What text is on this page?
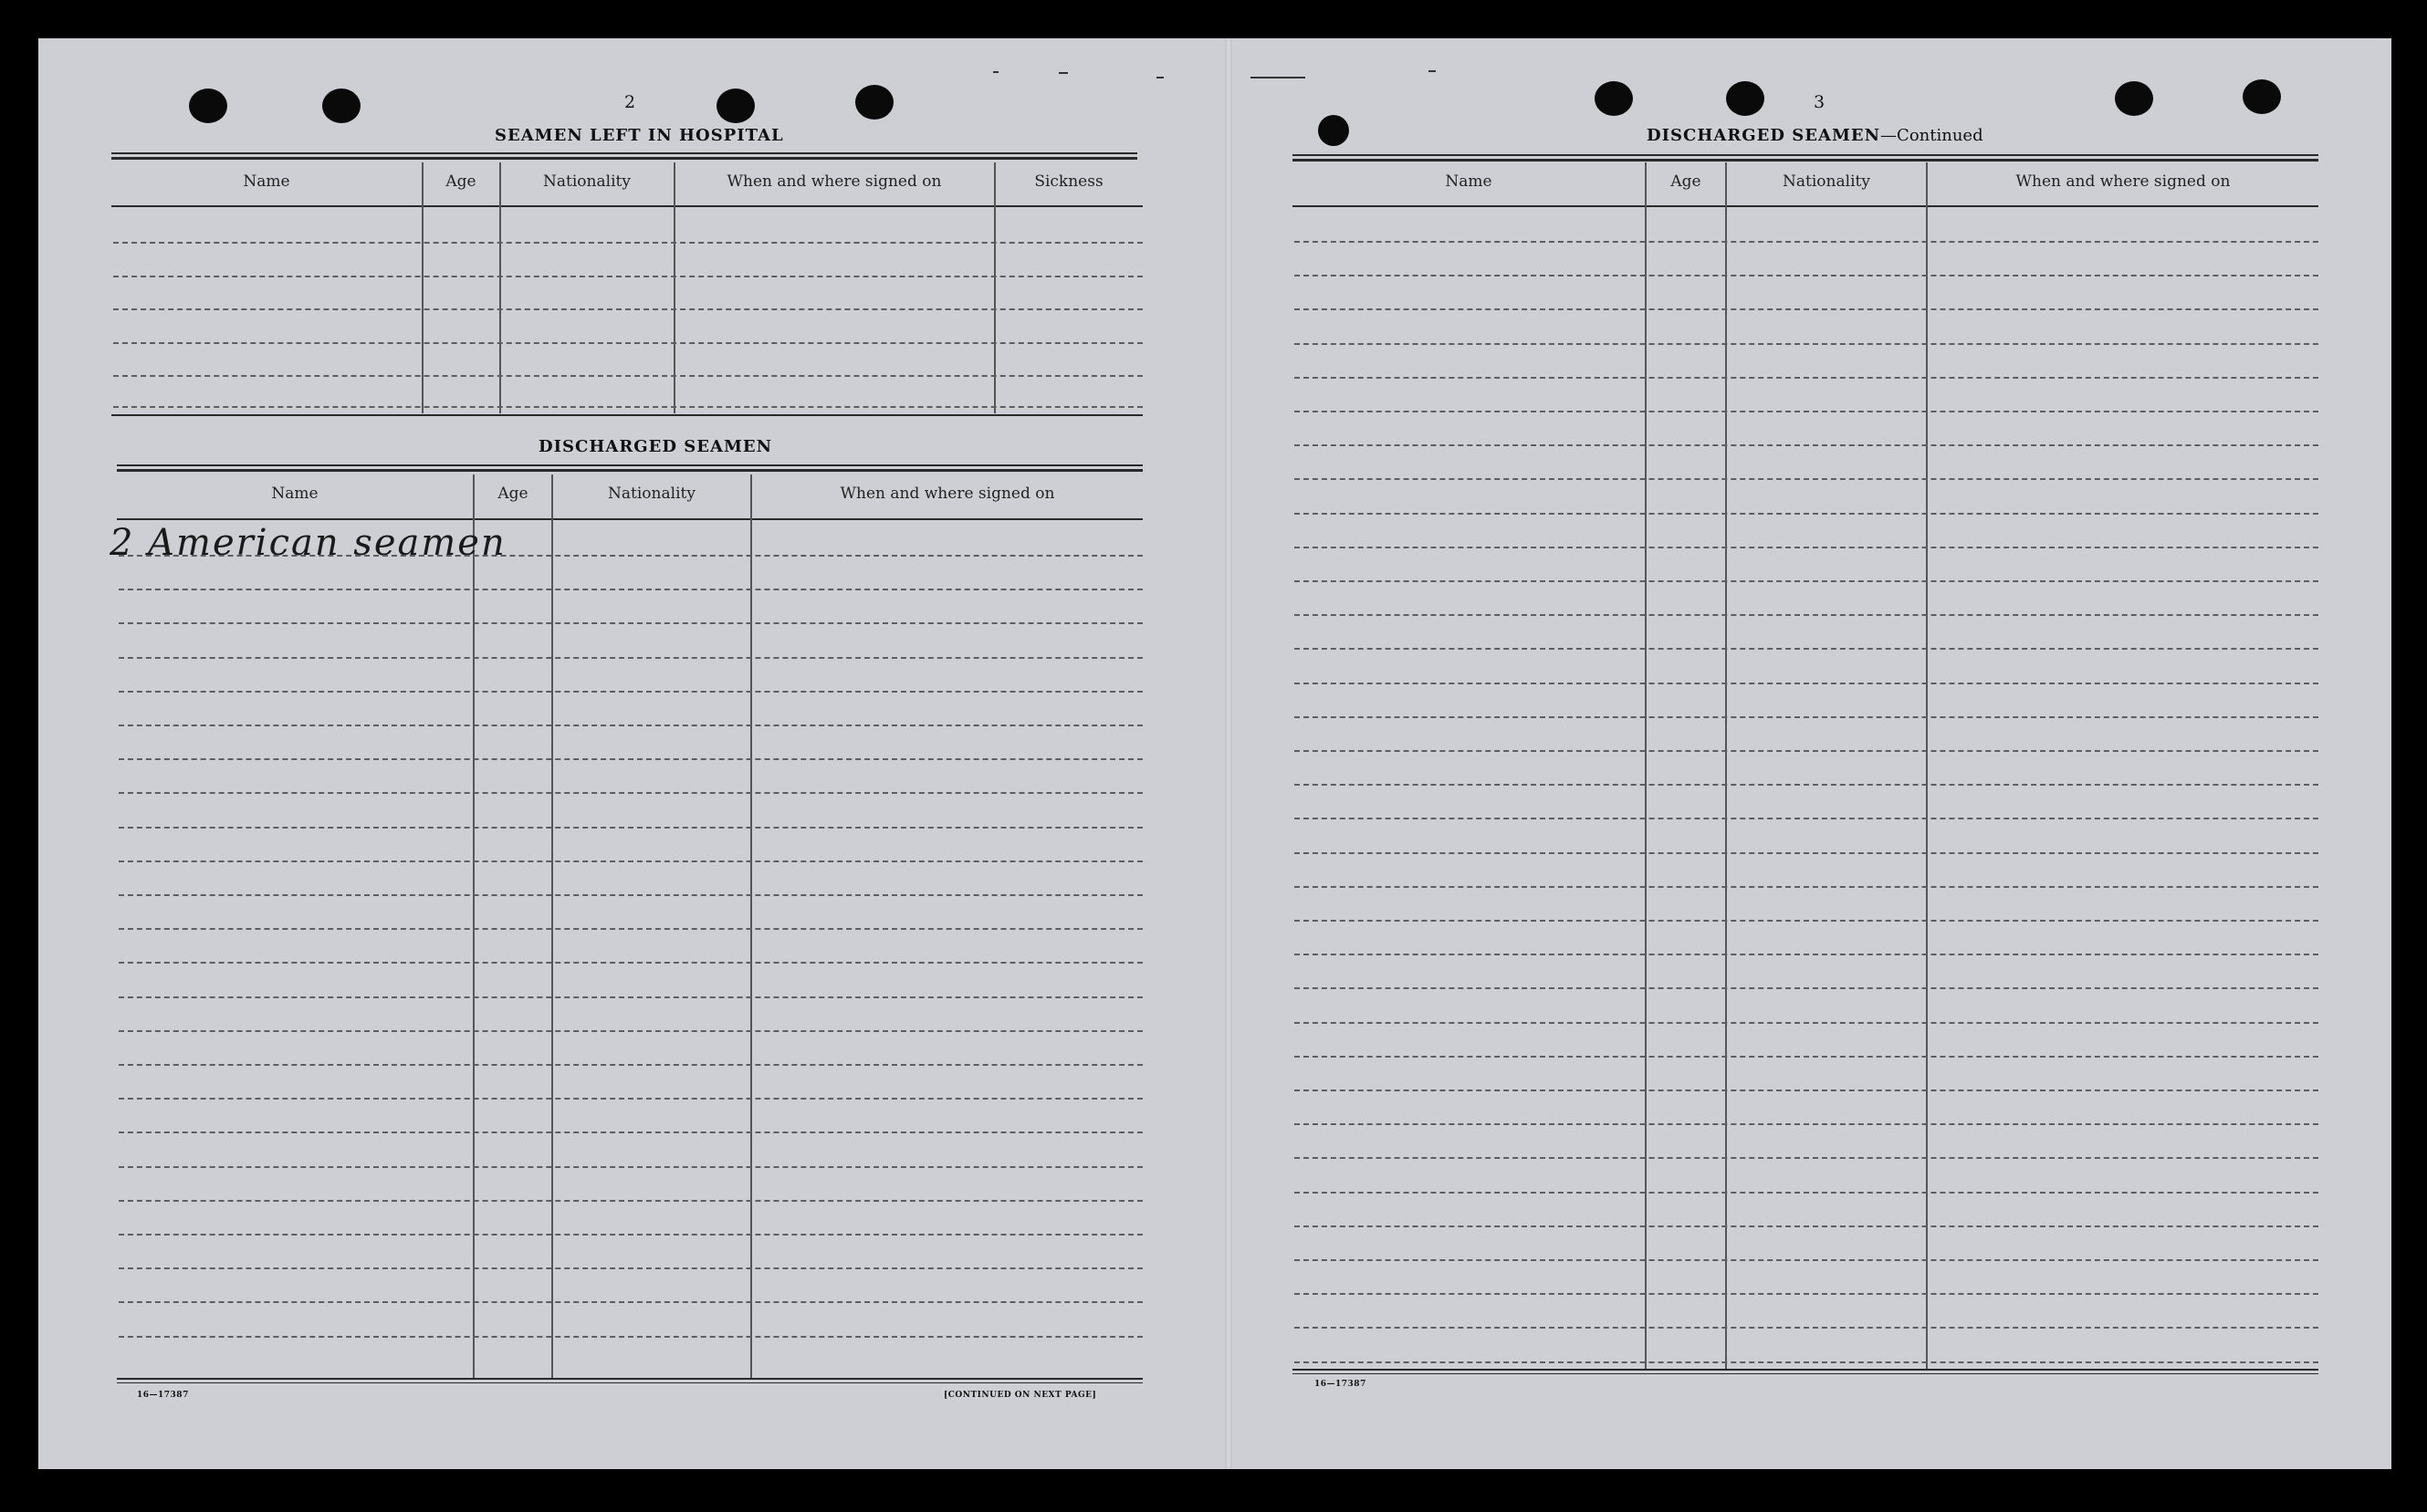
2
SEAMEN LEFT IN HOSPITAL
Name	Age	Nationality	When and where signed on	Sickness
DISCHARGED SEAMEN
Name	Age	Nationality	When and where signed on
2 American seamen
16—17387	[CONTINUED ON NEXT PAGE]
3
DISCHARGED SEAMEN—Continued
Name	Age	Nationality	When and where signed on
16—17387
